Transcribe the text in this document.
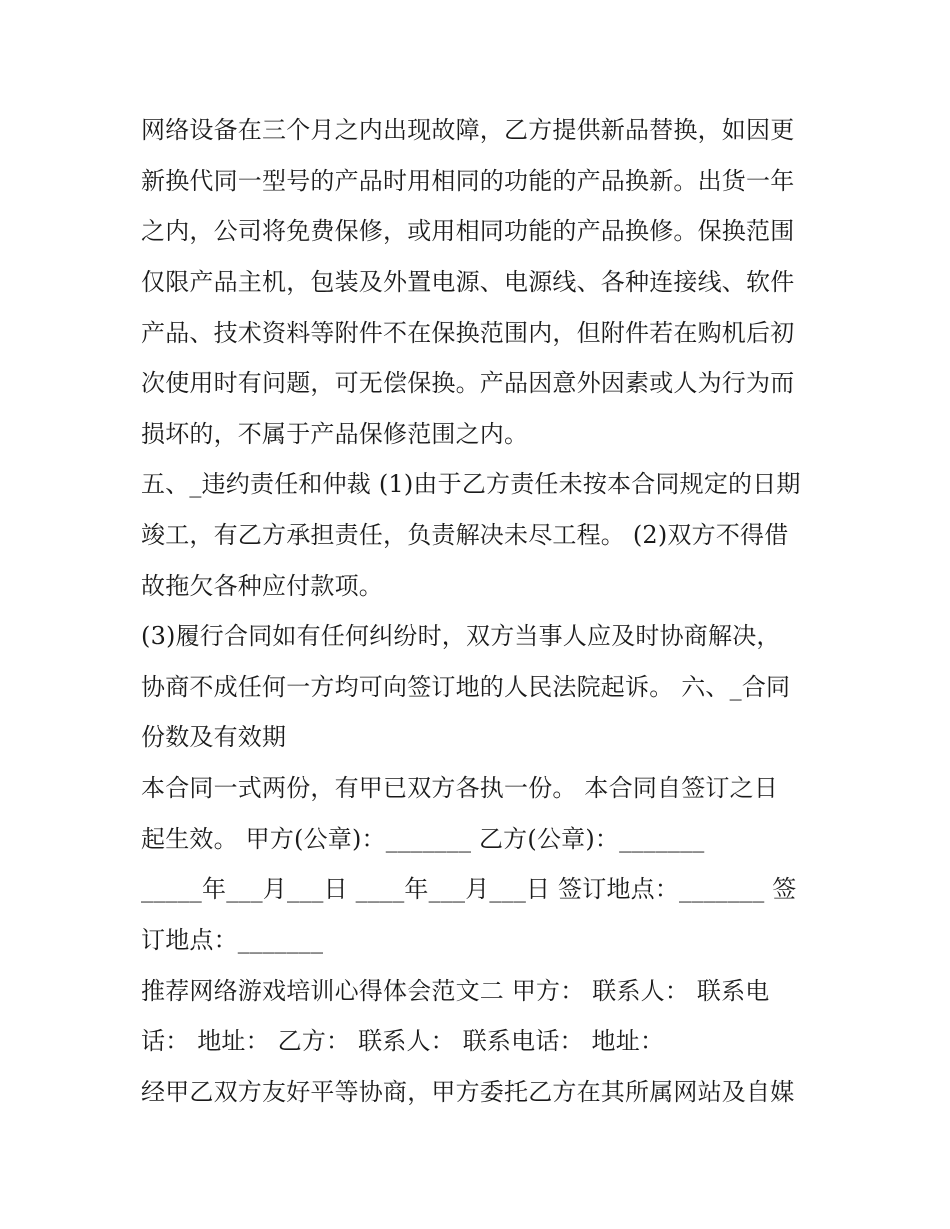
网络设备在三个月之内出现故障，乙方提供新品替换，如因更
新换代同一型号的产品时用相同的功能的产品换新。出货一年
之内，公司将免费保修，或用相同功能的产品换修。保换范围
仅限产品主机，包装及外置电源、电源线、各种连接线、软件
产品、技术资料等附件不在保换范围内，但附件若在购机后初
次使用时有问题，可无偿保换。产品因意外因素或人为行为而
损坏的，不属于产品保修范围之内。
五、_违约责任和仲裁 (1)由于乙方责任未按本合同规定的日期
竣工，有乙方承担责任，负责解决未尽工程。 (2)双方不得借
故拖欠各种应付款项。
(3)履行合同如有任何纠纷时，双方当事人应及时协商解决，
协商不成任何一方均可向签订地的人民法院起诉。 六、_合同
份数及有效期
本合同一式两份，有甲已双方各执一份。 本合同自签订之日
起生效。 甲方(公章)：_______ 乙方(公章)：_______
_____年___月___日 ____年___月___日 签订地点：_______ 签
订地点：_______
推荐网络游戏培训心得体会范文二 甲方： 联系人： 联系电
话： 地址： 乙方： 联系人： 联系电话： 地址：
经甲乙双方友好平等协商，甲方委托乙方在其所属网站及自媒
